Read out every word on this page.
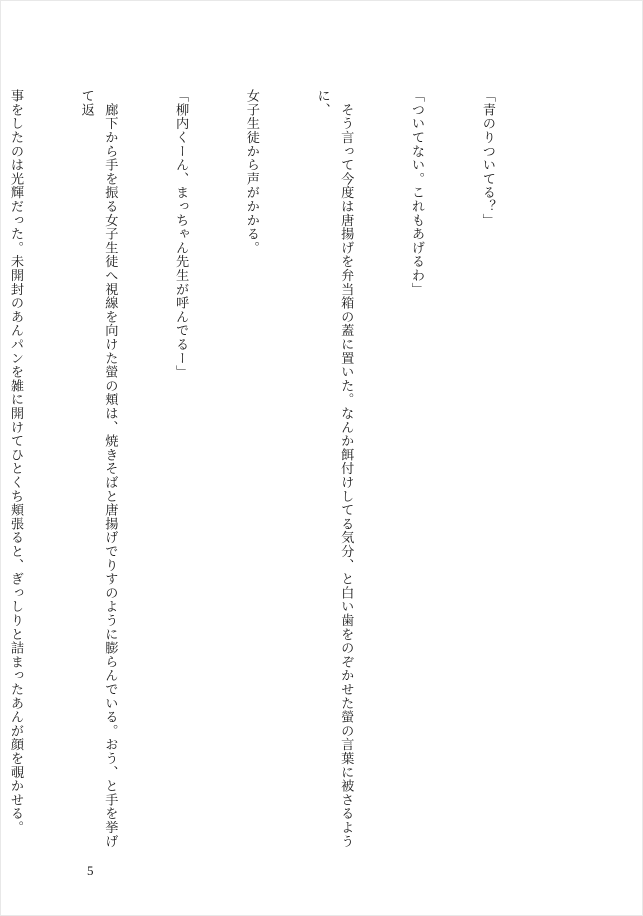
「青のりついてる？」

「ついてない。これもあげるわ」

　そう言って今度は唐揚げを弁当箱の蓋に置いた。なんか餌付けしてる気分、と白い歯をのぞかせた螢の言葉に被さるように、

女子生徒から声がかかる。

「柳内くーん、まっちゃん先生が呼んでるー」

　廊下から手を振る女子生徒へ視線を向けた螢の頬は、焼きそばと唐揚げでりすのように膨らんでいる。おう、と手を挙げて返

事をしたのは光輝だった。未開封のあんパンを雑に開けてひとくち頬張ると、ぎっしりと詰まったあんが顔を覗かせる。

5
